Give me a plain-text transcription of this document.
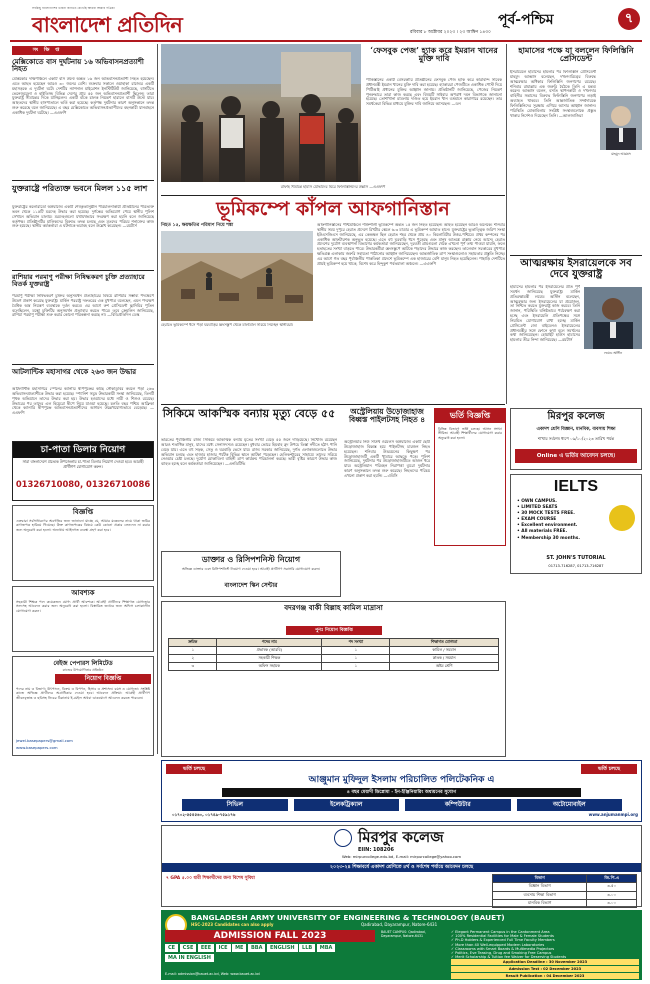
সবকিছু বাংলাদেশের ভাবনা জানতে রেখেছি আমরা আমার পত্রিকা
বাংলাদেশ প্রতিদিন	পূর্ব-পশ্চিম
রবিবার ৮ অক্টোবর ২০২৩ । ২৩ আশ্বিন ১৪৩০
৭
সং ক্ষি প্ত
মেক্সিকোতে বাস দুর্ঘটনায় ১৬ অভিবাসনপ্রত্যাশী নিহত
মেক্সিকোর দক্ষিণাঞ্চলে একটি বাস উল্টে অন্তত ১৬ জন অভিবাসনপ্রত্যাশী নিহত হয়েছেন। এতে আহত হয়েছেন আরও ৩০ জনের বেশি। শুক্রবার সকালে ওয়াহাকা রাজ্যের একটি মহাসড়কে এ দুর্ঘটনা ঘটে। দেশটির ন্যাশনাল মাইগ্রেশন ইনস্টিটিউট জানিয়েছে, বাসটিতে ভেনেজুয়েলা ও হাইতিসহ বিভিন্ন দেশের প্রায় ৫৫ জন অভিবাসনপ্রত্যাশী ছিলেন। তারা যুক্তরাষ্ট্র সীমান্তের দিকে যাচ্ছিলেন। একটি বাঁকে চালক নিয়ন্ত্রণ হারালে বাসটি উল্টে যায়। আহতদের স্থানীয় হাসপাতালে ভর্তি করা হয়েছে। কর্তৃপক্ষ দুর্ঘটনার কারণ অনুসন্ধানে তদন্ত শুরু করেছে বলে জানিয়েছে। এ বছর মেক্সিকোতে অভিবাসনপ্রত্যাশীদের বহনকারী যানবাহনে একাধিক দুর্ঘটনা ঘটেছে। —এএফপি
যুক্তরাষ্ট্রে পরিত্যক্ত ভবনে মিলল ১১৫ লাশ
যুক্তরাষ্ট্রের কলোরাডো অঙ্গরাজ্যে একটি শেষকৃত্যানুষ্ঠান পরিচালনাকারী প্রতিষ্ঠানের পরিত্যক্ত ভবন থেকে ১১৫টি মরদেহ উদ্ধার করা হয়েছে। দুর্গন্ধের অভিযোগ পেয়ে স্থানীয় পুলিশ সেখানে অভিযান চালায়। মরদেহগুলো যথাযথভাবে সংরক্ষণ করা হয়নি বলে জানিয়েছে কর্তৃপক্ষ। প্রতিষ্ঠানটির মালিকদের বিরুদ্ধে তদন্ত চলছে এবং মৃতদের পরিচয় শনাক্তের কাজ শুরু হয়েছে। স্থানীয় কর্মকর্তারা এ ঘটনাকে ভয়াবহ বলে উল্লেখ করেছেন। —রয়টার্স
রাশিয়ার পরমাণু পরীক্ষা নিষিদ্ধকরণ চুক্তি প্রত্যাহারে বিতর্ক যুক্তরাষ্ট্র
পরমাণু পরীক্ষা নিষিদ্ধকরণ চুক্তির অনুসমর্থন প্রত্যাহারের বিষয়ে রাশিয়ার সম্ভাব্য পদক্ষেপে উদ্বেগ প্রকাশ করেছে যুক্তরাষ্ট্র। মার্কিন পররাষ্ট্র দফতরের এক মুখপাত্র বলেছেন, এমন পদক্ষেপ বৈশ্বিক অস্ত্র নিয়ন্ত্রণ ব্যবস্থাকে দুর্বল করবে। এর আগে রুশ প্রেসিডেন্ট ভ্লাদিমির পুতিন বলেছিলেন, মস্কো চুক্তিটির অনুসমর্থন প্রত্যাহার করতে পারে। তবে ক্রেমলিন জানিয়েছে, রাশিয়া পরমাণু পরীক্ষা শুরু করার কোনো পরিকল্পনা করছে না। —বিডিপ্রতিদিন ডেস্ক
আটলান্টিক মহাসাগর থেকে ২৬৩ জন উদ্ধার
আটলান্টিক মহাসাগরে স্পেনের ক্যানারি দ্বীপপুঞ্জের কাছে নৌকাডুবির কবলে পড়া ২৬৩ অভিবাসনপ্রত্যাশীকে উদ্ধার করা হয়েছে। স্প্যানিশ সমুদ্র উদ্ধারকারী সংস্থা জানিয়েছে, তিনটি পৃথক অভিযানে তাদের উদ্ধার করা হয়। উদ্ধার হওয়াদের মধ্যে নারী ও শিশুও রয়েছে। উদ্ধারের পর তাদের এল হিয়েরো দ্বীপে নিয়ে যাওয়া হয়েছে। চলতি বছর পশ্চিম আফ্রিকা থেকে ক্যানারি দ্বীপপুঞ্জে অভিবাসনপ্রত্যাশীদের আগমন উল্লেখযোগ্যভাবে বেড়েছে। —এএফপি
চা-পাতা ডিলার নিয়োগ
সারা বাংলাদেশে প্রত্যেক উপজেলায় চা-পাতা ডিলার নিয়োগ দেওয়া হবে। আগ্রহী প্রার্থীগণ যোগাযোগ করুন।
01326710080, 01326710086
বিজ্ঞপ্তি
এতদ্বারা সর্বসাধারণের অবগতির জন্য জানানো যাচ্ছে যে, আমার মক্কেলের নামে থাকা জমির কাগজপত্র হারিয়ে গিয়েছে। উক্ত কাগজপত্রের বিষয়ে কেউ কোনো প্রকার লেনদেন না করার জন্য অনুরোধ করা হলো। অন্যথায় আইনগত ব্যবস্থা গ্রহণ করা হবে।
আবশ্যক
সহকারী শিক্ষক পদে কয়েকজন যোগ্য প্রার্থী আবশ্যক। আগ্রহী প্রার্থীদের শিক্ষাগত যোগ্যতার সনদসহ আবেদন করার জন্য অনুরোধ করা হলো। বিস্তারিত তথ্যের জন্য অফিস চলাকালীন যোগাযোগ করুন।
বেইজ পেপারস লিমিটেড
কাজের উপযোগিতার প্রতিষ্ঠান
নিয়োগ বিজ্ঞপ্তি
পদের নাম ও বিভাগ: উৎপাদন, বিক্রয় ও বিপণন, হিসাব ও প্রশাসন। বয়স ও যোগ্যতা: সংশ্লিষ্ট কাজে অভিজ্ঞ প্রার্থীদের অগ্রাধিকার দেওয়া হবে। আবেদন প্রক্রিয়া: আগ্রহী প্রার্থীগণ জীবনবৃত্তান্ত ও ছবিসহ নিচের ঠিকানায় ই-মেইল অথবা ডাকযোগে আবেদন করতে পারবেন।
jewel.basepapers@gmail.com
www.basepapers.com
রাফাহ সীমান্তে হামাস যোদ্ধাদের ঘিরে ফিলিস্তিনিদের উল্লাস —এএফপি
‘ফেসবুক পেজ’ হ্যাক করে ইমরান খানের মুক্তি দাবি
পাকিস্তানের একটি বেসরকারি প্রতিষ্ঠানের ফেসবুক পেজ হ্যাক করে কারাবন্দি সাবেক প্রধানমন্ত্রী ইমরান খানের মুক্তি দাবি করা হয়েছে। হ্যাকাররা পেজটিতে একাধিক পোস্ট দিয়ে পিটিআই প্রধানের মুক্তির আহ্বান জানায়। প্রতিষ্ঠানটি জানিয়েছে, পেজের নিয়ন্ত্রণ পুনরুদ্ধারে তারা কাজ করছে এবং বিষয়টি সাইবার অপরাধ দমন বিভাগকে জানানো হয়েছে। তোশাখানা মামলায় দণ্ডিত হয়ে ইমরান খান বর্তমানে কারাগারে রয়েছেন। তার সমর্থকেরা বিভিন্ন মাধ্যমে মুক্তির দাবি জানিয়ে আসছেন। —ডন
হামাসের পক্ষে যা বললেন ফিলিস্তিনি প্রেসিডেন্ট
ইসরায়েলে হামাসের হামলার পর ফিলিস্তিনি প্রেসিডেন্ট মাহমুদ আব্বাস বলেছেন, দখলদারিত্বের বিরুদ্ধে আত্মরক্ষার অধিকার ফিলিস্তিনি জনগণের রয়েছে। শনিবার রামাল্লায় এক জরুরি বৈঠকে তিনি এ মন্তব্য করেন। আব্বাস বলেন, বসতি স্থাপনকারী ও দখলদার বাহিনীর সন্ত্রাসের বিরুদ্ধে ফিলিস্তিনি জনগণের লড়াই অব্যাহত থাকবে। তিনি আন্তর্জাতিক সম্প্রদায়কে ফিলিস্তিনিদের সুরক্ষায় এগিয়ে আসার আহ্বান জানান। পরিস্থিতি মোকাবিলায় সংশ্লিষ্ট সংস্থাগুলোকে প্রস্তুত থাকার নির্দেশও দিয়েছেন তিনি। —আলজাজিরা
মাহমুদ আব্বাস
আত্মরক্ষায় ইসরায়েলকে সব দেবে যুক্তরাষ্ট্র
হামাসের হামলার পর ইসরায়েলের প্রতি পূর্ণ সমর্থন জানিয়েছে যুক্তরাষ্ট্র। মার্কিন প্রতিরক্ষামন্ত্রী লয়েড অস্টিন বলেছেন, আত্মরক্ষার জন্য ইসরায়েলের যা প্রয়োজন, তা নিশ্চিত করতে যুক্তরাষ্ট্র কাজ করবে। তিনি জানান, পরিস্থিতি ঘনিষ্ঠভাবে পর্যবেক্ষণ করা হচ্ছে এবং ইসরায়েলি প্রতিপক্ষের সঙ্গে নিয়মিত যোগাযোগ রাখা হচ্ছে। মার্কিন প্রেসিডেন্ট জো বাইডেনও ইসরায়েলের প্রধানমন্ত্রীর সঙ্গে ফোনে কথা বলে সমর্থনের কথা জানিয়েছেন। হোয়াইট হাউস হামাসের হামলার তীব্র নিন্দা জানিয়েছে। —রয়টার্স
লয়েড অস্টিন
ভূমিকম্পে কাঁপল আফগানিস্তান
নিহত ১৫, ক্ষয়ক্ষতির পরিমাণ নিয়ে শঙ্কা
হেরাতে ভূমিকম্পে ধসে পড়া ঘরবাড়ির ধ্বংসস্তূপ থেকে মালামাল সরিয়ে নিচ্ছেন স্থানীয়রা।
আফগানিস্তানের পশ্চিমাঞ্চলে শক্তিশালী ভূমিকম্পে অন্তত ১৫ জন নিহত হয়েছেন। আহত হয়েছেন আরও অনেকে। শনিবার স্থানীয় সময় দুপুরে হেরাত প্রদেশে রিখটার স্কেলে ৬.৩ মাত্রার এ ভূমিকম্প আঘাত হানে। যুক্তরাষ্ট্রের ভূতাত্ত্বিক জরিপ সংস্থা ইউএসজিএস জানিয়েছে, এর কেন্দ্রস্থল ছিল হেরাত শহর থেকে প্রায় ৪০ কিলোমিটার উত্তর-পশ্চিমে। প্রথম কম্পনের পর একাধিক আফটারশক অনুভূত হয়েছে। এতে বহু ঘরবাড়ি ধসে পড়েছে এবং মানুষ আতঙ্কে রাস্তায় নেমে আসে। হেরাত প্রদেশের দুর্যোগ ব্যবস্থাপনা বিভাগের কর্মকর্তারা জানিয়েছেন, দূরবর্তী গ্রামগুলো থেকে এখনো পূর্ণ তথ্য পাওয়া যায়নি, ফলে হতাহতের সংখ্যা বাড়তে পারে। উদ্ধারকর্মীরা ধ্বংসস্তূপে আটকে পড়াদের উদ্ধারে কাজ করছেন। তালেবান সরকারের মুখপাত্র ক্ষতিগ্রস্ত এলাকায় জরুরি সহায়তা পাঠানোর আহ্বান জানিয়েছেন। আন্তর্জাতিক ত্রাণ সংস্থাগুলোও সহায়তার প্রস্তুতি নিচ্ছে। এর আগে গত বছর পূর্বাঞ্চলীয় পাকতিকা প্রদেশে ভূমিকম্পে এক হাজারের বেশি মানুষ নিহত হয়েছিলেন। পাহাড়ি দেশটিতে প্রায়ই ভূমিকম্প হয়ে থাকে, বিশেষ করে হিন্দুকুশ পর্বতমালা অঞ্চলে। —এএফপি
সিকিমে আকস্মিক বন্যায় মৃত্যু বেড়ে ৫৫
ভারতের পূর্বাঞ্চলীয় রাজ্য সিকিমে আকস্মিক বন্যায় মৃতের সংখ্যা বেড়ে ৫৫ জনে দাঁড়িয়েছে। নিখোঁজ রয়েছেন আরও শতাধিক মানুষ, যাদের মধ্যে সেনাসদস্যও রয়েছেন। বুধবার ভোরে হিমবাহ হ্রদ উপচে তিস্তা নদীতে হঠাৎ পানি বেড়ে যায়। এতে বহু সড়ক, সেতু ও ঘরবাড়ি ভেসে যায়। রাজ্য সরকার জানিয়েছে, দুর্গত এলাকাগুলোতে উদ্ধার অভিযান চলছে এবং হাজার হাজার পর্যটক বিভিন্ন স্থানে আটকা পড়েছেন। হেলিকপ্টারের সাহায্যে তাদের সরিয়ে নেওয়ার চেষ্টা চলছে। দুর্যোগ মোকাবিলা বাহিনী ত্রাণ কার্যক্রম পরিচালনা করছে। ভারী বৃষ্টির কারণে উদ্ধার কাজ ব্যাহত হচ্ছে বলে কর্মকর্তারা জানিয়েছেন। —এনডিটিভি
অস্ট্রেলিয়ায় উড়োজাহাজ বিধ্বস্ত পাইলটসহ নিহত ৪
অস্ট্রেলিয়ার নিউ সাউথ ওয়েলস অঙ্গরাজ্যে একটি ছোট উড়োজাহাজ বিধ্বস্ত হয়ে পাইলটসহ চারজন নিহত হয়েছেন। শনিবার উড্ডয়নের কিছুক্ষণ পর উড়োজাহাজটি একটি খামারে আছড়ে পড়ে। পুলিশ জানিয়েছে, দুর্ঘটনার পর উড়োজাহাজটিতে আগুন ধরে যায়। অস্ট্রেলিয়ান পরিবহন নিরাপত্তা ব্যুরো দুর্ঘটনার কারণ অনুসন্ধানে তদন্ত শুরু করেছে। নিহতদের পরিচয় এখনো প্রকাশ করা হয়নি। —এবিসি
ভর্তি বিজ্ঞপ্তি
বিভিন্ন বিভাগে ভর্তি চলছে। আসন সংখ্যা সীমিত। আগ্রহী শিক্ষার্থীদের যোগাযোগ করার অনুরোধ করা হলো।
মিরপুর কলেজ
একাদশ শ্রেণি বিজ্ঞান, মানবিক, ব্যবসায় শিক্ষা
শাখায় সর্বশেষ ধাপে ০৯/১০/২০২৩ তারিখ পর্যন্ত
Online এ ভর্তির আবেদন চলছে।
IELTS
• OWN CAMPUS.
• LIMITED SEATS
• 30 MOCK TESTS FREE.
• EXAM COURSE
• Excellent environment.
• All materials FREE.
• Membership 30 months.
ST. JOHN'S TUTORIAL
01713-716287, 01713-716287
ডাক্তার ও রিসিপশনিস্ট নিয়োগ
অভিজ্ঞ ডাক্তার এবং রিসিপশনিস্ট নিয়োগ দেওয়া হবে। আগ্রহী প্রার্থীগণ সরাসরি যোগাযোগ করুন।
বাংলাদেশ স্কিন সেন্টার
বদরগঞ্জ বাকী বিল্লাহ কামিল মাদ্রাসা
পুনঃ নিয়োগ বিজ্ঞপ্তি
ক্রমিক	পদের নাম	পদ সংখ্যা	শিক্ষাগত যোগ্যতা
১	প্রভাষক (আরবি)	১	কামিল / সমমান
২	সহকারী শিক্ষক	১	স্নাতক / সমমান
৩	অফিস সহায়ক	১	অষ্টম শ্রেণি
ভর্তি চলছে	ভর্তি চলছে
আঞ্জুমান মুফিদুল ইসলাম পরিচালিত পলিটেকনিক এ
৪ বছর মেয়াদী ডিপ্লোমা - ইন-ইঞ্জিনিয়ারিং অধ্যয়নের সুযোগ
সিভিল	ইলেকট্রিক্যাল	কম্পিউটার	অটোমোবাইল
০১৭০২-৫৫৪৫৬০, ০১৭৪৯-৭৫৯১৭৬	www.anjumanmpi.org
মিরপুর কলেজ
EIIN: 108206
Web: mirpurcollege.edu.bd, E-mail: mirpurcollege@yahoo.com
২০২৩-২৪ শিক্ষাবর্ষে একাদশ শ্রেণিতে ৪র্থ ও সর্বশেষ পর্যায়ে আবেদন চলছে
৭ GPA ৫.০০ ধারী শিক্ষার্থীদের জন্য বিশেষ সুবিধা	বিভাগ	জি.পি.এ
বিজ্ঞান বিভাগ	৩.৫০
ব্যবসায় শিক্ষা বিভাগ	৩.০০
মানবিক বিভাগ	৩.০০
BANGLADESH ARMY UNIVERSITY OF ENGINEERING & TECHNOLOGY (BAUET)
Qadirabad, Dayarampur, Natore-6431
HSC-2023 Candidates can also apply
ADMISSION FALL 2023
CE	CSE	EEE	ICE	ME	BBA	ENGLISH	LLB	MBA
MA IN ENGLISH
✓ Elegant Permanent Campus in the Cantonment Area
✓ 100% Residential Facilities for Male & Female Students
✓ Ph.D Holders & Experienced Full Time Faculty Members
✓ More than 40 Well-equipped Modern Laboratories
✓ Classrooms with Smart Boards & Multimedia Projectors
✓ Politics, Eve Teasing, Drug and Smoking Free Campus
✓ Merit Scholarship & Tuition fee Waiver for Deserving Students
BAUET CAMPUS: Qadirabad, Dayarampur, Natore-6431
Application Deadline : 30 November 2023
Admission Test : 02 December 2023
Result Publication : 04 December 2023
E-mail: admission@bauet.ac.bd, Web: www.bauet.ac.bd
